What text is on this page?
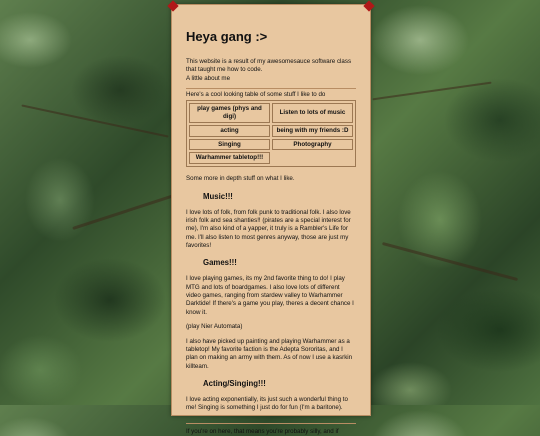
Heya gang :>

This website is a result of my awesomesauce software class that taught me how to code.
A little about me

Here's a cool looking table of some stuff I like to do

play games (phys and digi)	Listen to lots of music
acting	being with my friends :D
Singing	Photography
Warhammer tabletop!!!	

Some more in depth stuff on what I like.

Music!!!

I love lots of folk, from folk punk to traditional folk. I also love irish folk and sea shanties!! (pirates are a special interest for me), I'm also kind of a yapper, it truly is a Rambler's Life for me. I'll also listen to most genres anyway, those are just my favorites!

Games!!!

I love playing games, its my 2nd favorite thing to do! I play MTG and lots of boardgames. I also love lots of different video games, ranging from stardew valley to Warhammer Darktide! If there's a game you play, theres a decent chance I know it.

(play Nier Automata)

I also have picked up painting and playing Warhammer as a tabletop! My favorite faction is the Adepta Sororitas, and I plan on making an army with them. As of now I use a kasrkin killteam.

Acting/Singing!!!

I love acting exponentially, its just such a wonderful thing to me! Singing is something I just do for fun (I'm a baritone).

If you're on here, that means you're probably silly, and if
